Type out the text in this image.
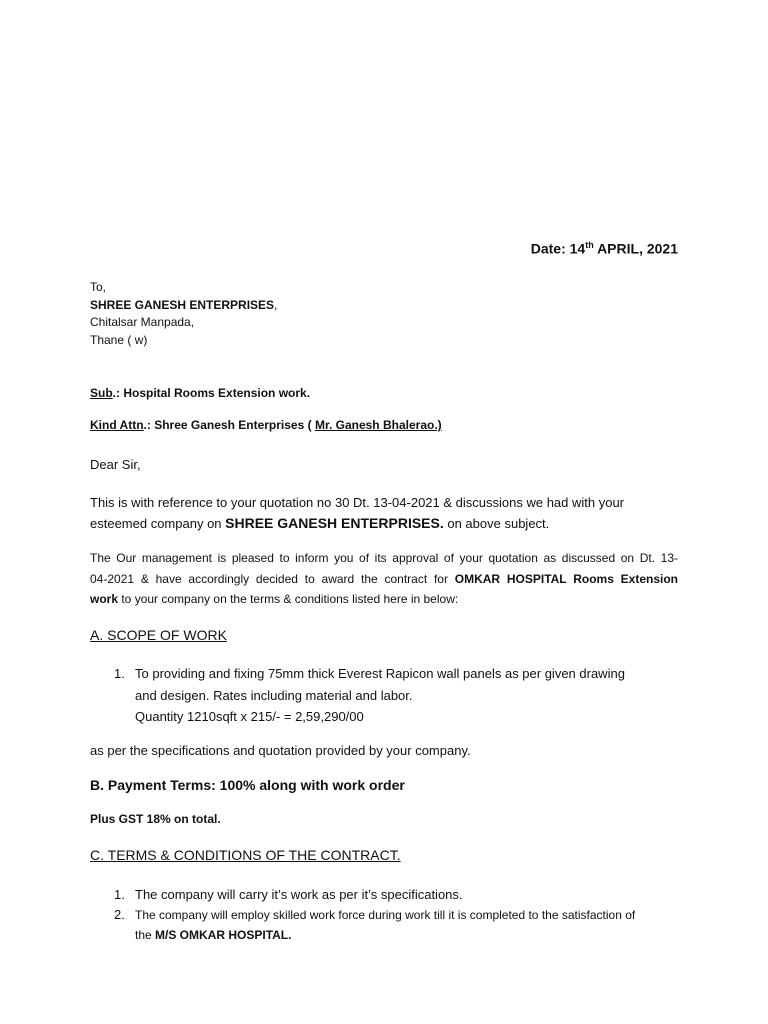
Date: 14th APRIL, 2021
To,
SHREE GANESH ENTERPRISES,
Chitalsar Manpada,
Thane ( w)
Sub.: Hospital Rooms Extension work.
Kind Attn.: Shree Ganesh Enterprises ( Mr. Ganesh Bhalerao.)
Dear Sir,
This is with reference to your quotation no 30 Dt. 13-04-2021 & discussions we had with your
esteemed company on SHREE GANESH ENTERPRISES. on above subject.
The Our management is pleased to inform you of its approval of your quotation as discussed on Dt. 13-
04-2021 & have accordingly decided to award the contract for OMKAR HOSPITAL Rooms Extension
work to your company on the terms & conditions listed here in below:
A. SCOPE OF WORK
1. To providing and fixing 75mm thick Everest Rapicon wall panels as per given drawing
and desigen. Rates including material and labor.
Quantity 1210sqft x 215/- = 2,59,290/00
as per the specifications and quotation provided by your company.
B. Payment Terms: 100% along with work order
Plus GST 18% on total.
C. TERMS & CONDITIONS OF THE CONTRACT.
1. The company will carry it’s work as per it’s specifications.
2. The company will employ skilled work force during work till it is completed to the satisfaction of
the M/S OMKAR HOSPITAL.
